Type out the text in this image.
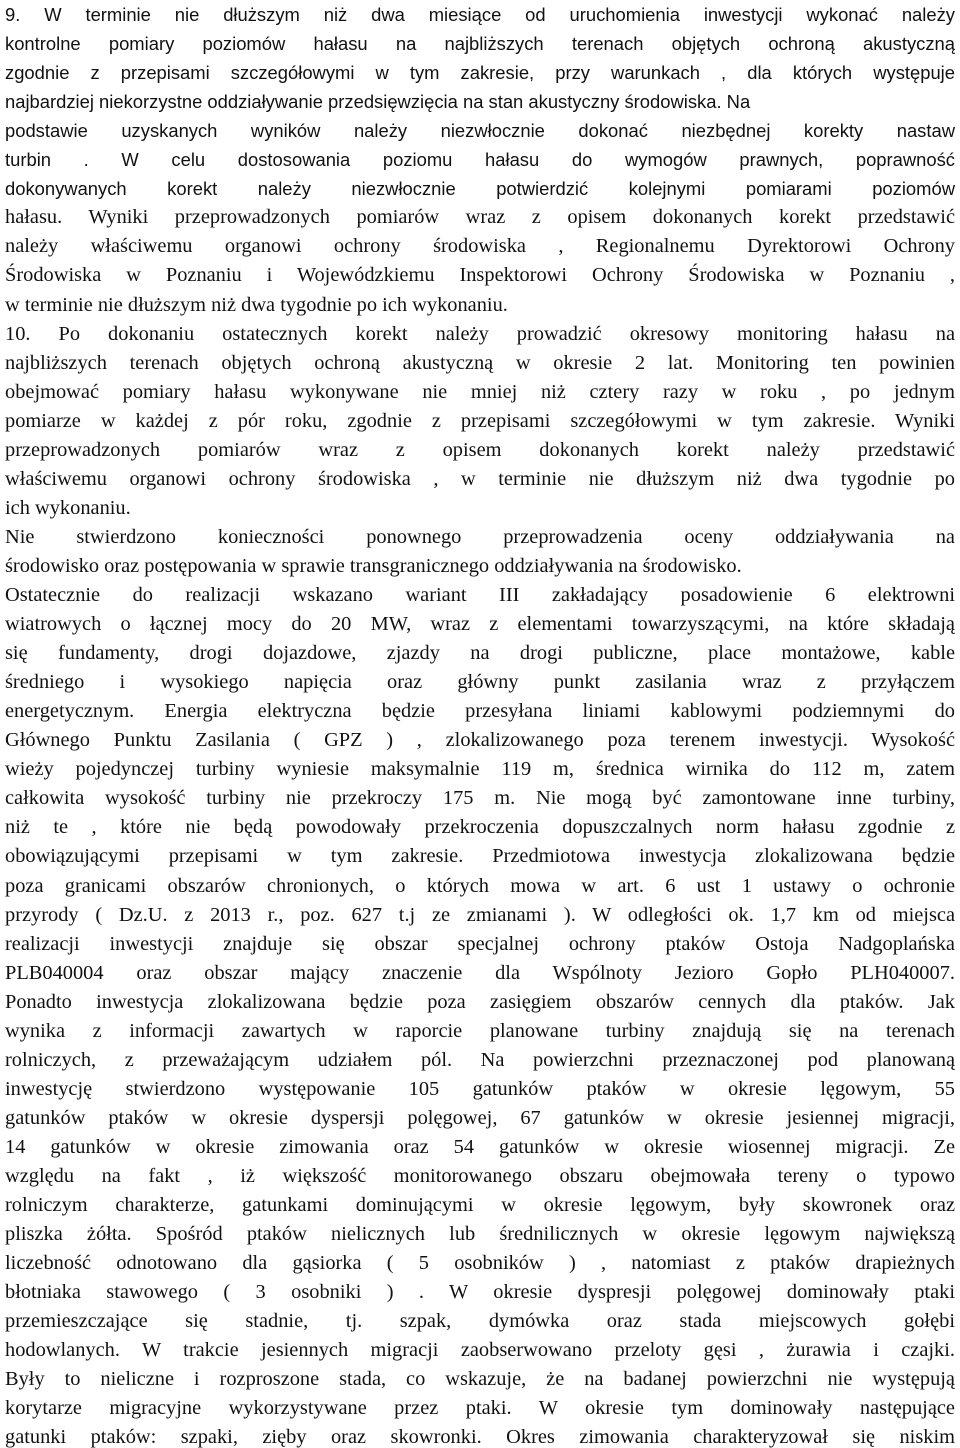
9. W terminie nie dłuższym niż dwa miesiące od uruchomienia inwestycji wykonać należy
kontrolne pomiary poziomów hałasu na najbliższych terenach objętych ochroną akustyczną
zgodnie z przepisami szczegółowymi w tym zakresie, przy warunkach , dla których występuje
najbardziej niekorzystne oddziaływanie przedsięwzięcia na stan akustyczny środowiska. Na
podstawie uzyskanych wyników należy niezwłocznie dokonać niezbędnej korekty nastaw
turbin . W celu dostosowania poziomu hałasu do wymogów prawnych, poprawność
dokonywanych korekt należy niezwłocznie potwierdzić kolejnymi pomiarami poziomów
hałasu. Wyniki przeprowadzonych pomiarów wraz z opisem dokonanych korekt przedstawić
należy właściwemu organowi ochrony środowiska , Regionalnemu Dyrektorowi Ochrony
Środowiska w Poznaniu i Wojewódzkiemu Inspektorowi Ochrony Środowiska w Poznaniu ,
w terminie nie dłuższym niż dwa tygodnie po ich wykonaniu.
10. Po dokonaniu ostatecznych korekt należy prowadzić okresowy monitoring hałasu na
najbliższych terenach objętych ochroną akustyczną w okresie 2 lat. Monitoring ten powinien
obejmować pomiary hałasu wykonywane nie mniej niż cztery razy w roku , po jednym
pomiarze w każdej z pór roku, zgodnie z przepisami szczegółowymi w tym zakresie. Wyniki
przeprowadzonych pomiarów wraz z opisem dokonanych korekt należy przedstawić
właściwemu organowi ochrony środowiska , w terminie nie dłuższym niż dwa tygodnie po
ich wykonaniu.
Nie stwierdzono konieczności ponownego przeprowadzenia oceny oddziaływania na
środowisko oraz postępowania w sprawie transgranicznego oddziaływania na środowisko.
Ostatecznie do realizacji wskazano wariant III zakładający posadowienie 6 elektrowni
wiatrowych o łącznej mocy do 20 MW, wraz z elementami towarzyszącymi, na które składają
się fundamenty, drogi dojazdowe, zjazdy na drogi publiczne, place montażowe, kable
średniego i wysokiego napięcia oraz główny punkt zasilania wraz z przyłączem
energetycznym. Energia elektryczna będzie przesyłana liniami kablowymi podziemnymi do
Głównego Punktu Zasilania ( GPZ ) , zlokalizowanego poza terenem inwestycji. Wysokość
wieży pojedynczej turbiny wyniesie maksymalnie 119 m, średnica wirnika do 112 m, zatem
całkowita wysokość turbiny nie przekroczy 175 m. Nie mogą być zamontowane inne turbiny,
niż te , które nie będą powodowały przekroczenia dopuszczalnych norm hałasu zgodnie z
obowiązującymi przepisami w tym zakresie. Przedmiotowa inwestycja zlokalizowana będzie
poza granicami obszarów chronionych, o których mowa w art. 6 ust 1 ustawy o ochronie
przyrody ( Dz.U. z 2013 r., poz. 627 t.j ze zmianami ). W odległości ok. 1,7 km od miejsca
realizacji inwestycji znajduje się obszar specjalnej ochrony ptaków Ostoja Nadgoplańska
PLB040004 oraz obszar mający znaczenie dla Wspólnoty Jezioro Gopło PLH040007.
Ponadto inwestycja zlokalizowana będzie poza zasięgiem obszarów cennych dla ptaków. Jak
wynika z informacji zawartych w raporcie planowane turbiny znajdują się na terenach
rolniczych, z przeważającym udziałem pól. Na powierzchni przeznaczonej pod planowaną
inwestycję stwierdzono występowanie 105 gatunków ptaków w okresie lęgowym, 55
gatunków ptaków w okresie dyspersji polęgowej, 67 gatunków w okresie jesiennej migracji,
14 gatunków w okresie zimowania oraz 54 gatunków w okresie wiosennej migracji. Ze
względu na fakt , iż większość monitorowanego obszaru obejmowała tereny o typowo
rolniczym charakterze, gatunkami dominującymi w okresie lęgowym, były skowronek oraz
pliszka żółta. Spośród ptaków nielicznych lub średnilicznych w okresie lęgowym największą
liczebność odnotowano dla gąsiorka ( 5 osobników ) , natomiast z ptaków drapieżnych
błotniaka stawowego ( 3 osobniki ) . W okresie dyspresji polęgowej dominowały ptaki
przemieszczające się stadnie, tj. szpak, dymówka oraz stada miejscowych gołębi
hodowlanych. W trakcie jesiennych migracji zaobserwowano przeloty gęsi , żurawia i czajki.
Były to nieliczne i rozproszone stada, co wskazuje, że na badanej powierzchni nie występują
korytarze migracyjne wykorzystywane przez ptaki. W okresie tym dominowały następujące
gatunki ptaków: szpaki, zięby oraz skowronki. Okres zimowania charakteryzował się niskim
